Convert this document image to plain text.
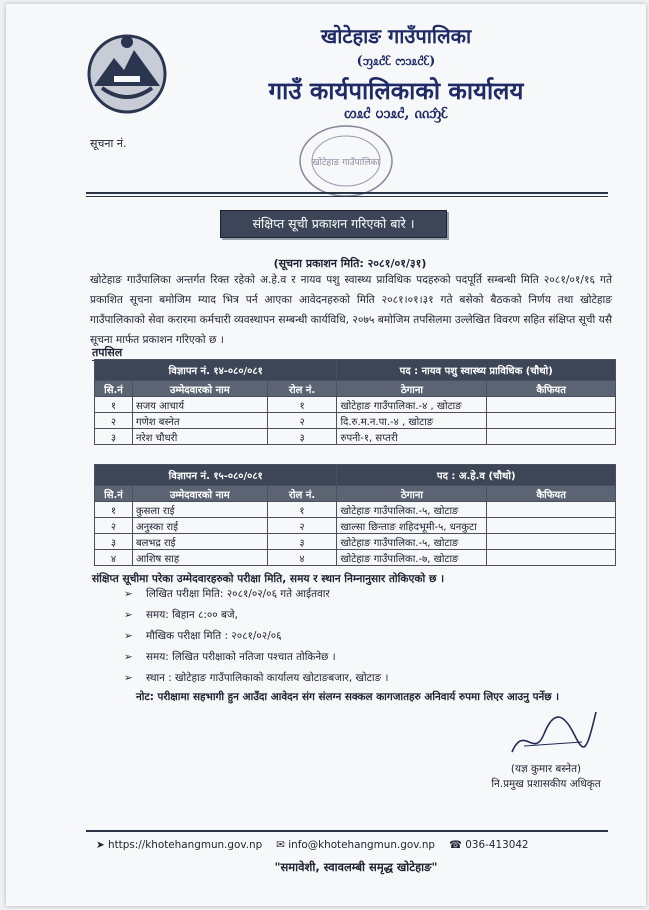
खोटेहाङ गाउँपालिका
(ᦀᦸᦺᦷ ᦂᦱᦸᦺᦷ)
गाउँ कार्यपालिकाको कार्यालय
ᦠᦸᦺ ᦢᦱᦸᦺ, ᦶᦁᦷ
खोटेहाङ गाउँपालिका
सूचना नं.
संक्षिप्त सूची प्रकाशन गरिएको बारे ।
(सूचना प्रकाशन मिति: २०८१/०१/३१)
खोटेहाङ गाउँपालिका अन्तर्गत रिक्त रहेको अ.हे.व र नायव पशु स्वास्थ्य प्राविधिक पदहरुको पदपूर्ति सम्बन्धी मिति २०८१/०१/१६ गते प्रकाशित सूचना बमोजिम म्याद भित्र पर्न आएका आवेदनहरुको मिति २०८१।०१।३१ गते बसेको बैठकको निर्णय तथा खोटेहाङ गाउँपालिकाको सेवा करारमा कर्मचारी व्यवस्थापन सम्बन्धी कार्यविधि, २०७५ बमोजिम तपसिलमा उल्लेखित विवरण सहित संक्षिप्त सूची यसै सूचना मार्फत प्रकाशन गरिएको छ ।
तपसिल
विज्ञापन नं. १४-०८०/०८१			पद : नायव पशु स्वास्थ्य प्राविधिक (चौथो)	
सि.नं	उम्मेदवारको नाम	रोल नं.	ठेगाना	कैफियत
१	सजय आचार्य	१	खोटेहाङ गाउँपालिका.-४ , खोटाङ	
२	गणेश बस्नेत	२	दि.रु.म.न.पा.-४ , खोटाङ	
३	नरेश चौधरी	३	रुपनी-१, सप्तरी	
विज्ञापन नं. १५-०८०/०८१			पद : अ.हे.व (चौथो)	
सि.नं	उम्मेदवारको नाम	रोल नं.	ठेगाना	कैफियत
१	कुसला राई	१	खोटेहाङ गाउँपालिका.-५, खोटाङ	
२	अनुस्का राई	२	खाल्सा छिन्ताङ शहिदभूमी-५, धनकुटा	
३	बलभद्र राई	३	खोटेहाङ गाउँपालिका.-५, खोटाङ	
४	आशिष साह	४	खोटेहाङ गाउँपालिका.-७, खोटाङ	
संक्षिप्त सूचीमा परेका उम्मेदवारहरुको परीक्षा मिति, समय र स्थान निम्नानुसार तोकिएको छ ।
➢ लिखित परीक्षा मिति: २०८१/०२/०६ गते आईतवार
➢ समय: बिहान ८:०० बजे,
➢ मौखिक परीक्षा मिति : २०८१/०२/०६
➢ समय: लिखित परीक्षाको नतिजा पश्चात तोकिनेछ ।
➢ स्थान : खोटेहाङ गाउँपालिकाको कार्यालय खोटाङबजार, खोटाङ ।
नोट: परीक्षामा सहभागी हुन आउँदा आवेदन संग संलग्न सक्कल कागजातहरु अनिवार्य रुपमा लिएर आउनु पर्नेछ ।
(यज्ञ कुमार बस्नेत)
नि.प्रमुख प्रशासकीय अधिकृत
➤ https://khotehangmun.gov.np ✉ info@khotehangmun.gov.np ☎ 036-413042
"समावेशी, स्वावलम्बी समृद्ध खोटेहाङ"
